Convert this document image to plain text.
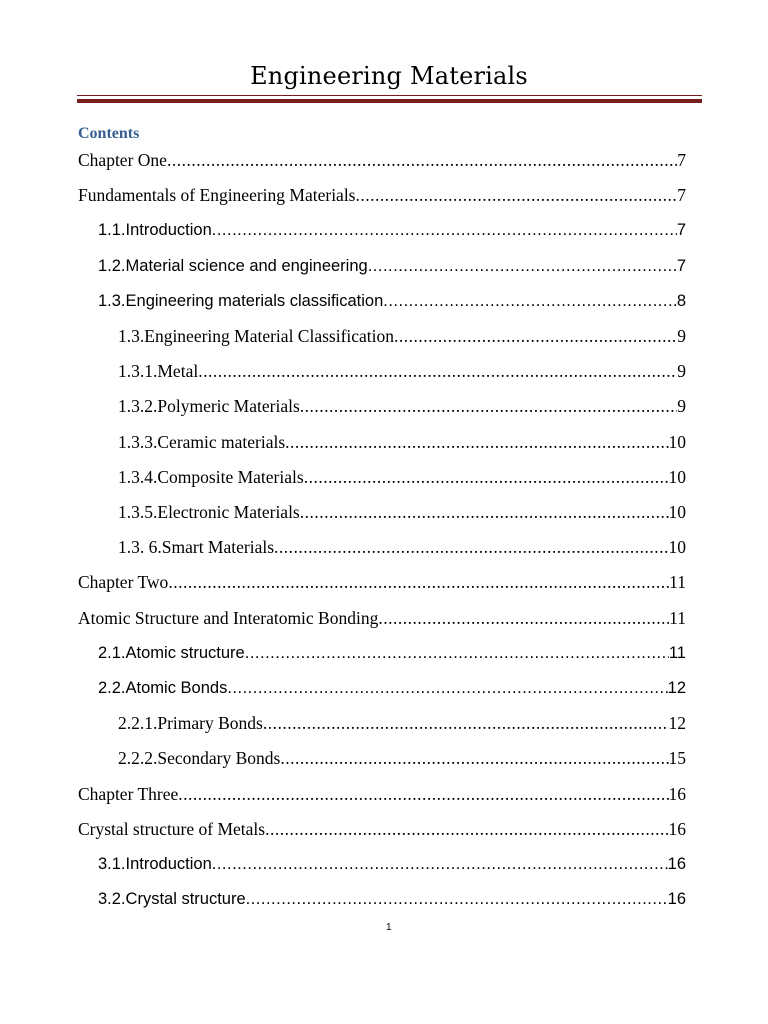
Engineering Materials
Contents
Chapter One .....	7
Fundamentals of Engineering Materials .....	7
1.1. Introduction .....	7
1.2. Material science and engineering .....	7
1.3. Engineering materials classification .....	8
1.3. Engineering Material Classification .....	9
1.3.1. Metal .....	9
1.3.2. Polymeric Materials .....	9
1.3.3. Ceramic materials .....	10
1.3.4. Composite Materials .....	10
1.3.5. Electronic Materials .....	10
1.3. 6. Smart Materials .....	10
Chapter Two .....	11
Atomic Structure and Interatomic Bonding .....	11
2.1. Atomic structure .....	11
2.2. Atomic Bonds .....	12
2.2.1. Primary Bonds .....	12
2.2.2. Secondary Bonds .....	15
Chapter Three .....	16
Crystal structure of Metals .....	16
3.1. Introduction .....	16
3.2. Crystal structure .....	16
1
